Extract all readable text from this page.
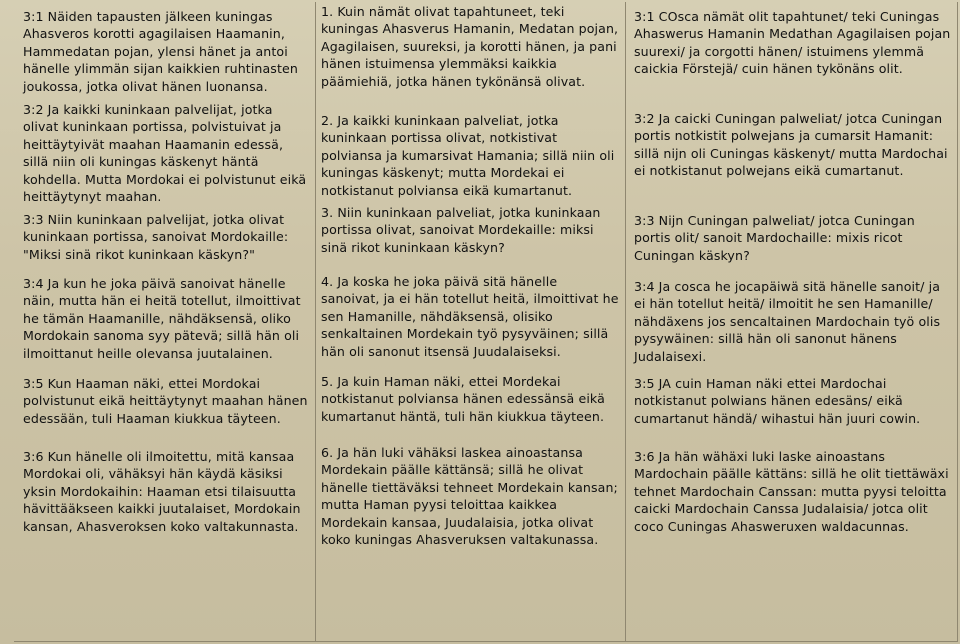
3:1 Näiden tapausten jälkeen kuningas Ahasveros korotti agagilaisen Haamanin, Hammedatan pojan, ylensi hänet ja antoi hänelle ylimmän sijan kaikkien ruhtinasten joukossa, jotka olivat hänen luonansa.
3:2 Ja kaikki kuninkaan palvelijat, jotka olivat kuninkaan portissa, polvistuivat ja heittäytyivät maahan Haamanin edessä, sillä niin oli kuningas käskenyt häntä kohdella. Mutta Mordokai ei polvistunut eikä heittäytynyt maahan.
3:3 Niin kuninkaan palvelijat, jotka olivat kuninkaan portissa, sanoivat Mordokaille: "Miksi sinä rikot kuninkaan käskyn?"
3:4 Ja kun he joka päivä sanoivat hänelle näin, mutta hän ei heitä totellut, ilmoittivat he tämän Haamanille, nähdäksensä, oliko Mordokain sanoma syy pätevä; sillä hän oli ilmoittanut heille olevansa juutalainen.
3:5 Kun Haaman näki, ettei Mordokai polvistunut eikä heittäytynyt maahan hänen edessään, tuli Haaman kiukkua täyteen.
3:6 Kun hänelle oli ilmoitettu, mitä kansaa Mordokai oli, vähäksyi hän käydä käsiksi yksin Mordokaihin: Haaman etsi tilaisuutta hävittääkseen kaikki juutalaiset, Mordokain kansan, Ahasveroksen koko valtakunnasta.
1. Kuin nämät olivat tapahtuneet, teki kuningas Ahasverus Hamanin, Medatan pojan, Agagilaisen, suureksi, ja korotti hänen, ja pani hänen istuimensa ylemmäksi kaikkia päämiehiä, jotka hänen tykönänsä olivat.
2. Ja kaikki kuninkaan palveliat, jotka kuninkaan portissa olivat, notkistivat polviansa ja kumarsivat Hamania; sillä niin oli kuningas käskenyt; mutta Mordekai ei notkistanut polviansa eikä kumartanut.
3. Niin kuninkaan palveliat, jotka kuninkaan portissa olivat, sanoivat Mordekaille: miksi sinä rikot kuninkaan käskyn?
4. Ja koska he joka päivä sitä hänelle sanoivat, ja ei hän totellut heitä, ilmoittivat he sen Hamanille, nähdäksensä, olisiko senkaltainen Mordekain työ pysyväinen; sillä hän oli sanonut itsensä Juudalaiseksi.
5. Ja kuin Haman näki, ettei Mordekai notkistanut polviansa hänen edessänsä eikä kumartanut häntä, tuli hän kiukkua täyteen.
6. Ja hän luki vähäksi laskea ainoastansa Mordekain päälle kättänsä; sillä he olivat hänelle tiettäväksi tehneet Mordekain kansan; mutta Haman pyysi teloittaa kaikkea Mordekain kansaa, Juudalaisia, jotka olivat koko kuningas Ahasveruksen valtakunassa.
3:1 COsca nämät olit tapahtunet/ teki Cuningas Ahaswerus Hamanin Medathan Agagilaisen pojan suurexi/ ja corgotti hänen/ istuimens ylemmä caickia Förstejä/ cuin hänen tykönäns olit.
3:2 Ja caicki Cuningan palweliat/ jotca Cuningan portis notkistit polwejans ja cumarsit Hamanit: sillä nijn oli Cuningas käskenyt/ mutta Mardochai ei notkistanut polwejans eikä cumartanut.
3:3 Nijn Cuningan palweliat/ jotca Cuningan portis olit/ sanoit Mardochaille: mixis ricot Cuningan käskyn?
3:4 Ja cosca he jocapäiwä sitä hänelle sanoit/ ja ei hän totellut heitä/ ilmoitit he sen Hamanille/ nähdäxens jos sencaltainen Mardochain työ olis pysywäinen: sillä hän oli sanonut hänens Judalaisexi.
3:5 JA cuin Haman näki ettei Mardochai notkistanut polwians hänen edesäns/ eikä cumartanut händä/ wihastui hän juuri cowin.
3:6 Ja hän wähäxi luki laske ainoastans Mardochain päälle kättäns: sillä he olit tiettäwäxi tehnet Mardochain Canssan: mutta pyysi teloitta caicki Mardochain Canssa Judalaisia/ jotca olit coco Cuningas Ahasweruxen waldacunnas.
